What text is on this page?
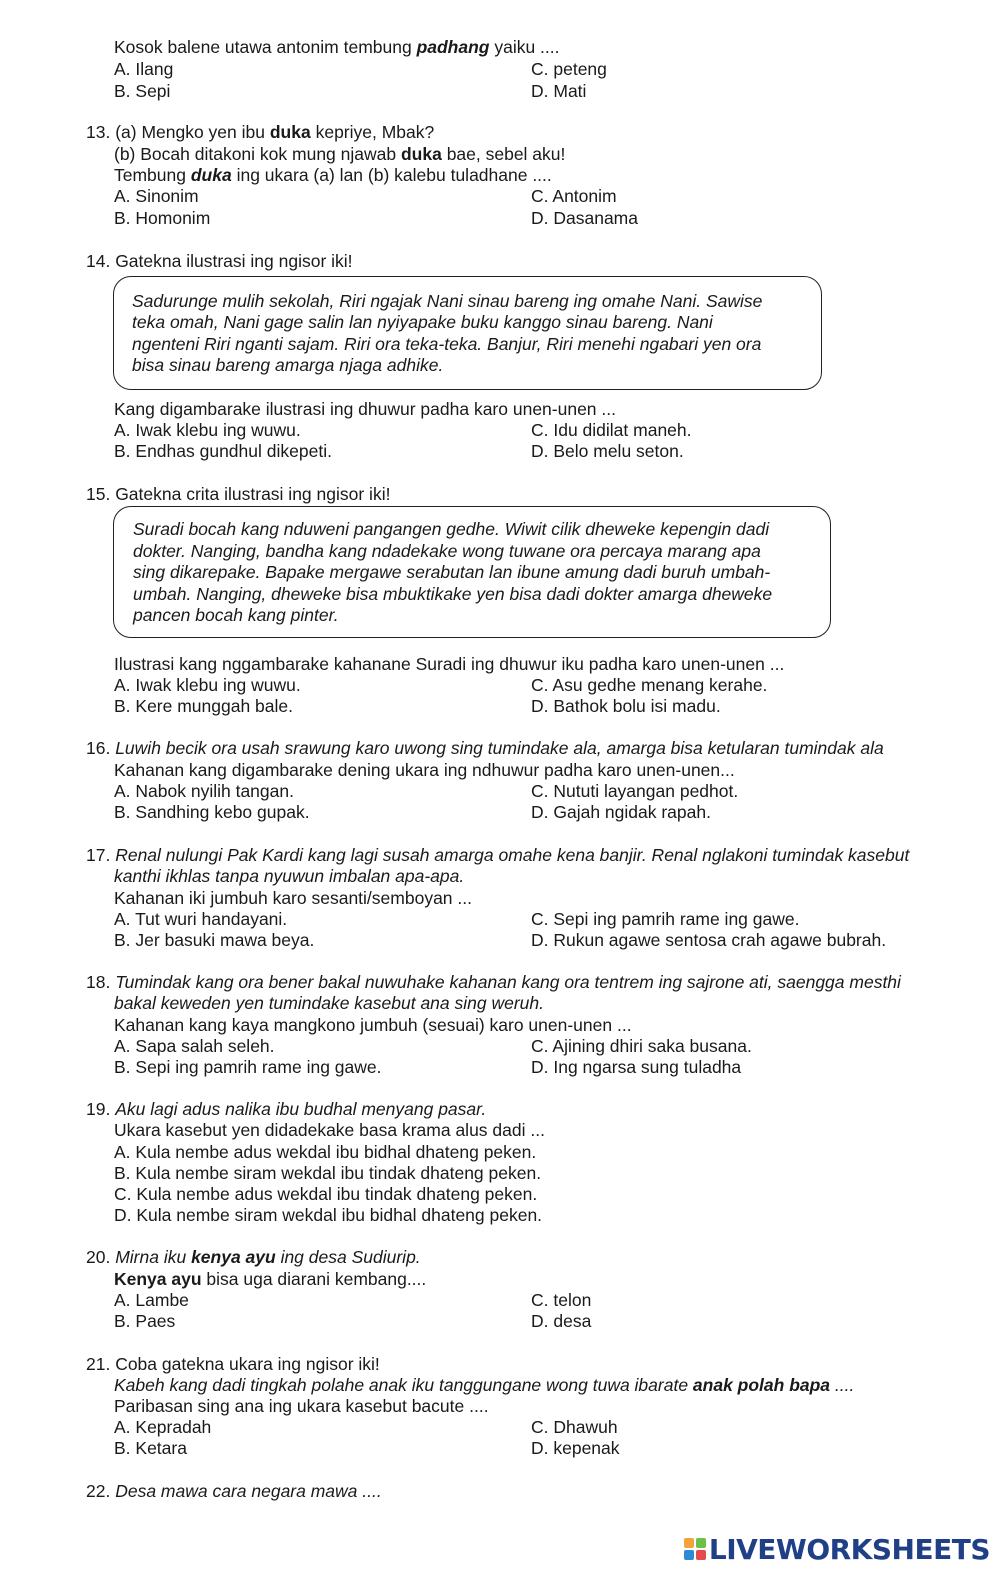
Kosok balene utawa antonim tembung padhang yaiku ....
A. Ilang	C. peteng
B. Sepi	D. Mati
13. (a) Mengko yen ibu duka kepriye, Mbak?
(b) Bocah ditakoni kok mung njawab duka bae, sebel aku!
Tembung duka ing ukara (a) lan (b) kalebu tuladhane ....
A. Sinonim	C. Antonim
B. Homonim	D. Dasanama
14. Gatekna ilustrasi ing ngisor iki!
Sadurunge mulih sekolah, Riri ngajak Nani sinau bareng ing omahe Nani. Sawise
teka omah, Nani gage salin lan nyiyapake buku kanggo sinau bareng. Nani
ngenteni Riri nganti sajam. Riri ora teka-teka. Banjur, Riri menehi ngabari yen ora
bisa sinau bareng amarga njaga adhike.
Kang digambarake ilustrasi ing dhuwur padha karo unen-unen ...
A. Iwak klebu ing wuwu.	C. Idu didilat maneh.
B. Endhas gundhul dikepeti.	D. Belo melu seton.
15. Gatekna crita ilustrasi ing ngisor iki!
Suradi bocah kang nduweni pangangen gedhe. Wiwit cilik dheweke kepengin dadi
dokter. Nanging, bandha kang ndadekake wong tuwane ora percaya marang apa
sing dikarepake. Bapake mergawe serabutan lan ibune amung dadi buruh umbah-
umbah. Nanging, dheweke bisa mbuktikake yen bisa dadi dokter amarga dheweke
pancen bocah kang pinter.
Ilustrasi kang nggambarake kahanane Suradi ing dhuwur iku padha karo unen-unen ...
A. Iwak klebu ing wuwu.	C. Asu gedhe menang kerahe.
B. Kere munggah bale.	D. Bathok bolu isi madu.
16. Luwih becik ora usah srawung karo uwong sing tumindake ala, amarga bisa ketularan tumindak ala
Kahanan kang digambarake dening ukara ing ndhuwur padha karo unen-unen...
A. Nabok nyilih tangan.	C. Nututi layangan pedhot.
B. Sandhing kebo gupak.	D. Gajah ngidak rapah.
17. Renal nulungi Pak Kardi kang lagi susah amarga omahe kena banjir. Renal nglakoni tumindak kasebut
kanthi ikhlas tanpa nyuwun imbalan apa-apa.
Kahanan iki jumbuh karo sesanti/semboyan ...
A. Tut wuri handayani.	C. Sepi ing pamrih rame ing gawe.
B. Jer basuki mawa beya.	D. Rukun agawe sentosa crah agawe bubrah.
18. Tumindak kang ora bener bakal nuwuhake kahanan kang ora tentrem ing sajrone ati, saengga mesthi
bakal keweden yen tumindake kasebut ana sing weruh.
Kahanan kang kaya mangkono jumbuh (sesuai) karo unen-unen ...
A. Sapa salah seleh.	C. Ajining dhiri saka busana.
B. Sepi ing pamrih rame ing gawe.	D. Ing ngarsa sung tuladha
19. Aku lagi adus nalika ibu budhal menyang pasar.
Ukara kasebut yen didadekake basa krama alus dadi ...
A. Kula nembe adus wekdal ibu bidhal dhateng peken.
B. Kula nembe siram wekdal ibu tindak dhateng peken.
C. Kula nembe adus wekdal ibu tindak dhateng peken.
D. Kula nembe siram wekdal ibu bidhal dhateng peken.
20. Mirna iku kenya ayu ing desa Sudiurip.
Kenya ayu bisa uga diarani kembang....
A. Lambe	C. telon
B. Paes	D. desa
21. Coba gatekna ukara ing ngisor iki!
Kabeh kang dadi tingkah polahe anak iku tanggungane wong tuwa ibarate anak polah bapa ....
Paribasan sing ana ing ukara kasebut bacute ....
A. Kepradah	C. Dhawuh
B. Ketara	D. kepenak
22. Desa mawa cara negara mawa ....
LIVEWORKSHEETS
